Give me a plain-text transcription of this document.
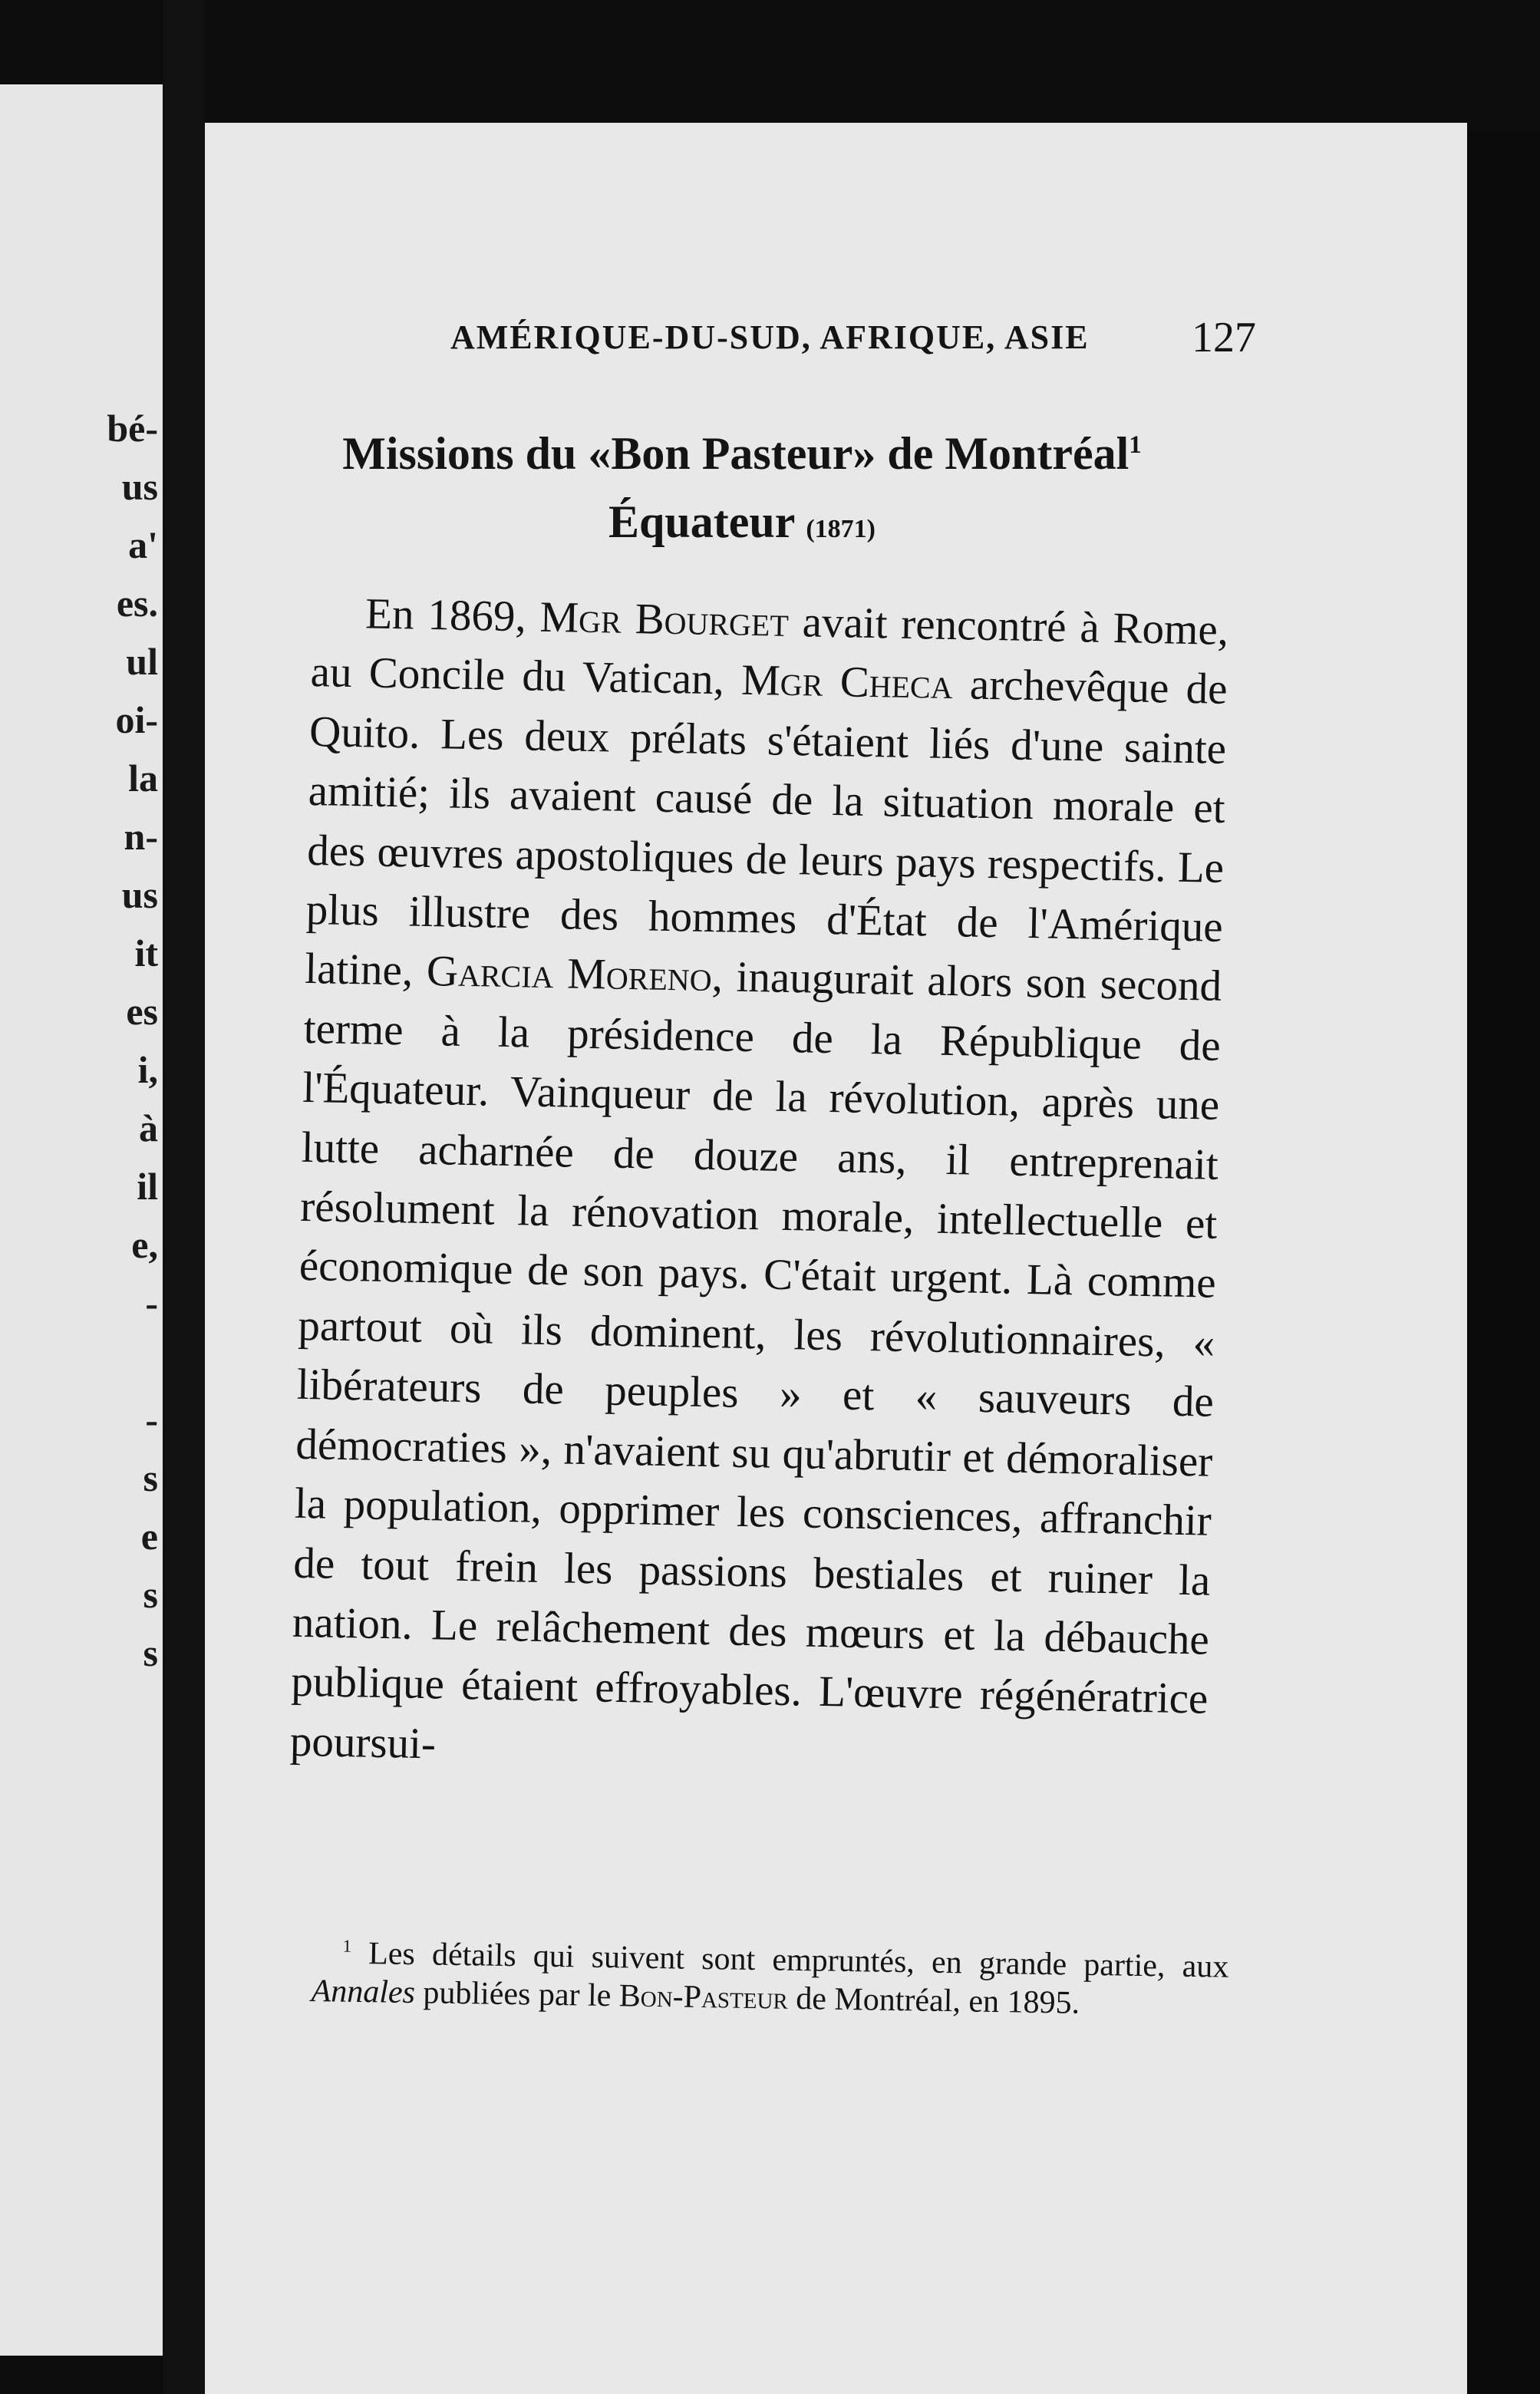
bé-
us
a'
es.
ul
oi-
la
n-
us
it
es
i,
à
il
e,
-
-
s
e
s
s
AMÉRIQUE-DU-SUD, AFRIQUE, ASIE	127
Missions du «Bon Pasteur» de Montréal$^1$
Équateur (1871)
En 1869, Mgr Bourget avait rencontré à Rome, au Concile du Vatican, Mgr Checa archevêque de Quito. Les deux prélats s'étaient liés d'une sainte amitié; ils avaient causé de la situation morale et des œuvres apostoliques de leurs pays respectifs. Le plus illustre des hommes d'État de l'Amérique latine, Garcia Moreno, inaugurait alors son second terme à la présidence de la République de l'Équateur. Vainqueur de la révolution, après une lutte acharnée de douze ans, il entreprenait résolument la rénovation morale, intellectuelle et économique de son pays. C'était urgent. Là comme partout où ils dominent, les révolutionnaires, « libérateurs de peuples » et « sauveurs de démocraties », n'avaient su qu'abrutir et démoraliser la population, opprimer les consciences, affranchir de tout frein les passions bestiales et ruiner la nation. Le relâchement des mœurs et la débauche publique étaient effroyables. L'œuvre régénératrice poursui-
$^1$ Les détails qui suivent sont empruntés, en grande partie, aux Annales publiées par le Bon-Pasteur de Montréal, en 1895.
